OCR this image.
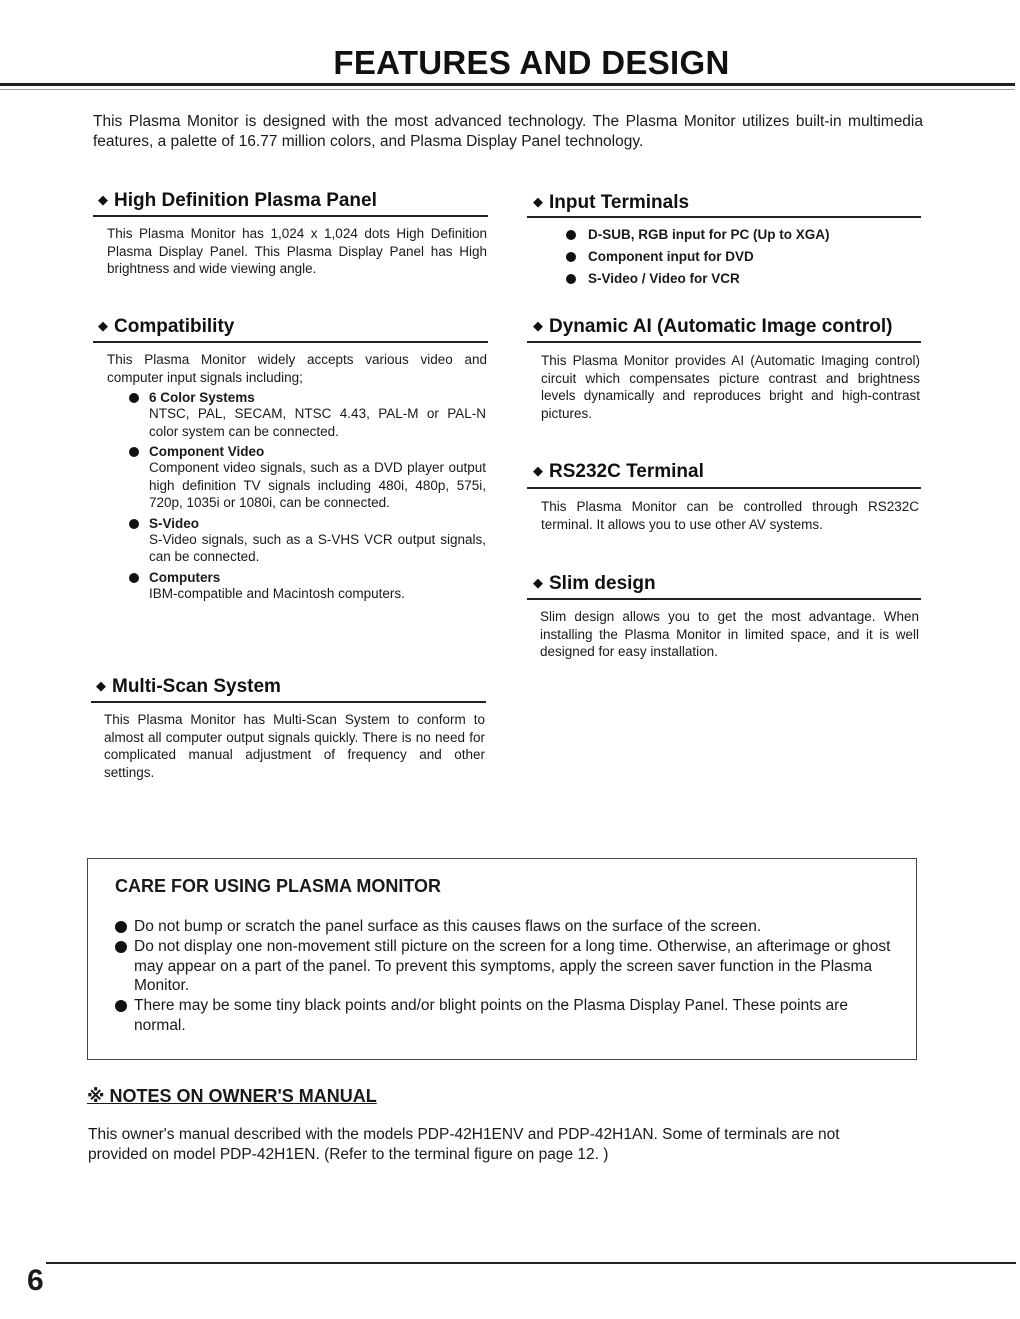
FEATURES AND DESIGN
This Plasma Monitor is designed with the most advanced technology. The Plasma Monitor utilizes built-in multimedia features, a palette of 16.77 million colors, and Plasma Display Panel technology.
◆ High Definition Plasma Panel
This Plasma Monitor has 1,024 x 1,024 dots High Definition Plasma Display Panel. This Plasma Display Panel has High brightness and wide viewing angle.
◆ Compatibility
This Plasma Monitor widely accepts various video and computer input signals including;
6 Color Systems
NTSC, PAL, SECAM, NTSC 4.43, PAL-M or PAL-N color system can be connected.
Component Video
Component video signals, such as a DVD player output high definition TV signals including 480i, 480p, 575i, 720p, 1035i or 1080i, can be connected.
S-Video
S-Video signals, such as a S-VHS VCR output signals, can be connected.
Computers
IBM-compatible and Macintosh computers.
◆ Multi-Scan System
This Plasma Monitor has Multi-Scan System to conform to almost all computer output signals quickly. There is no need for complicated manual adjustment of frequency and other settings.
◆ Input Terminals
D-SUB, RGB input for PC (Up to XGA)
Component input for DVD
S-Video / Video for VCR
◆ Dynamic AI (Automatic Image control)
This Plasma Monitor provides AI (Automatic Imaging control) circuit which compensates picture contrast and brightness levels dynamically and reproduces bright and high-contrast pictures.
◆ RS232C Terminal
This Plasma Monitor can be controlled through RS232C terminal. It allows you to use other AV systems.
◆ Slim design
Slim design allows you to get the most advantage. When installing the Plasma Monitor in limited space, and it is well designed for easy installation.
CARE FOR USING PLASMA MONITOR
Do not bump or scratch the panel surface as this causes flaws on the surface of the screen.
Do not display one non-movement still picture on the screen for a long time. Otherwise, an afterimage or ghost may appear on a part of the panel. To prevent this symptoms, apply the screen saver function in the Plasma Monitor.
There may be some tiny black points and/or blight points on the Plasma Display Panel. These points are normal.
※ NOTES ON OWNER'S MANUAL
This owner's manual described with the models PDP-42H1ENV and PDP-42H1AN. Some of terminals are not provided on model PDP-42H1EN. (Refer to the terminal figure on page 12. )
6
